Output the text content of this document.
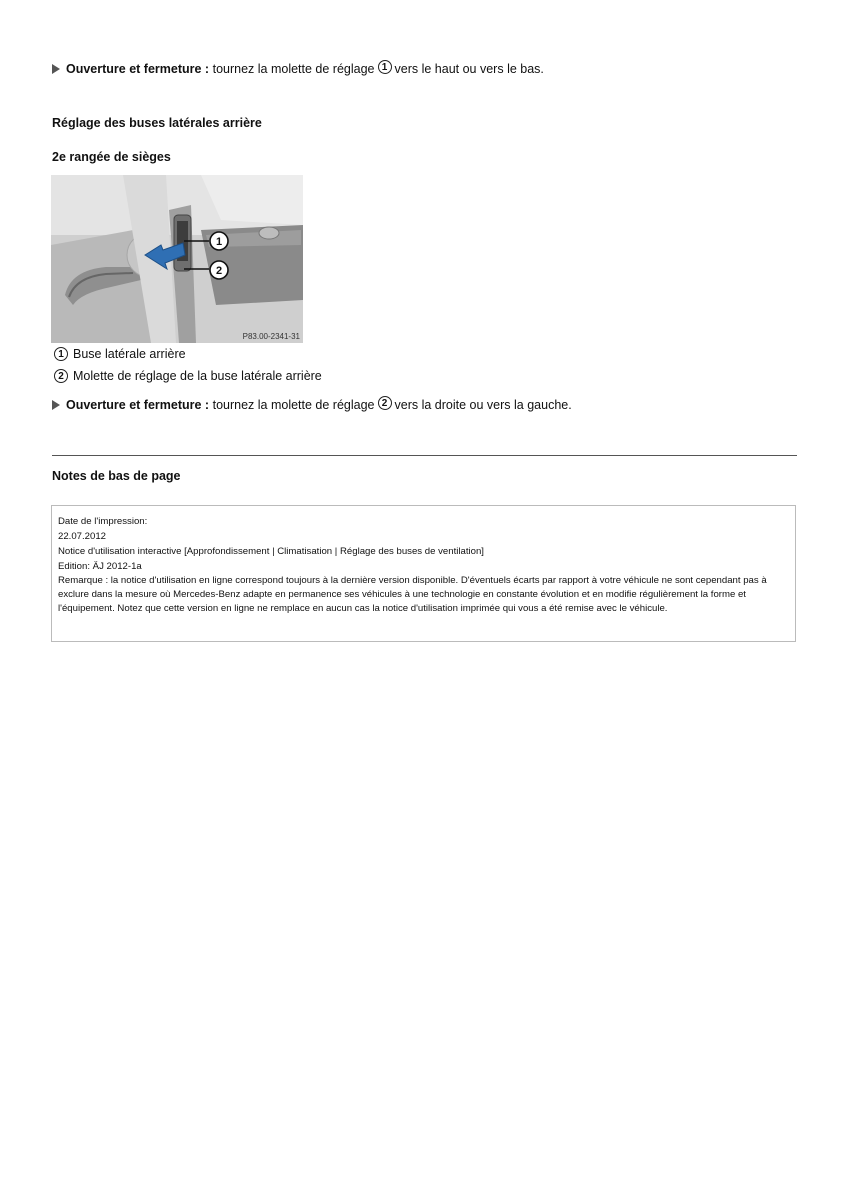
Ouverture et fermeture :
tournez la molette de réglage 1 vers le haut ou vers le bas.
Réglage des buses latérales arrière
2e rangée de sièges
1
2
P83.00-2341-31
1 Buse latérale arrière
2 Molette de réglage de la buse latérale arrière
Ouverture et fermeture :
tournez la molette de réglage 2 vers la droite ou vers la gauche.
Notes de bas de page
Date de l'impression:
22.07.2012
Notice d'utilisation interactive [Approfondissement | Climatisation | Réglage des buses de ventilation]
Edition: ÄJ 2012-1a
Remarque : la notice d'utilisation en ligne correspond toujours à la dernière version disponible. D'éventuels écarts par rapport à votre véhicule ne sont cependant pas à exclure dans la mesure où Mercedes-Benz adapte en permanence ses véhicules à une technologie en constante évolution et en modifie régulièrement la forme et l'équipement. Notez que cette version en ligne ne remplace en aucun cas la notice d'utilisation imprimée qui vous a été remise avec le véhicule.
